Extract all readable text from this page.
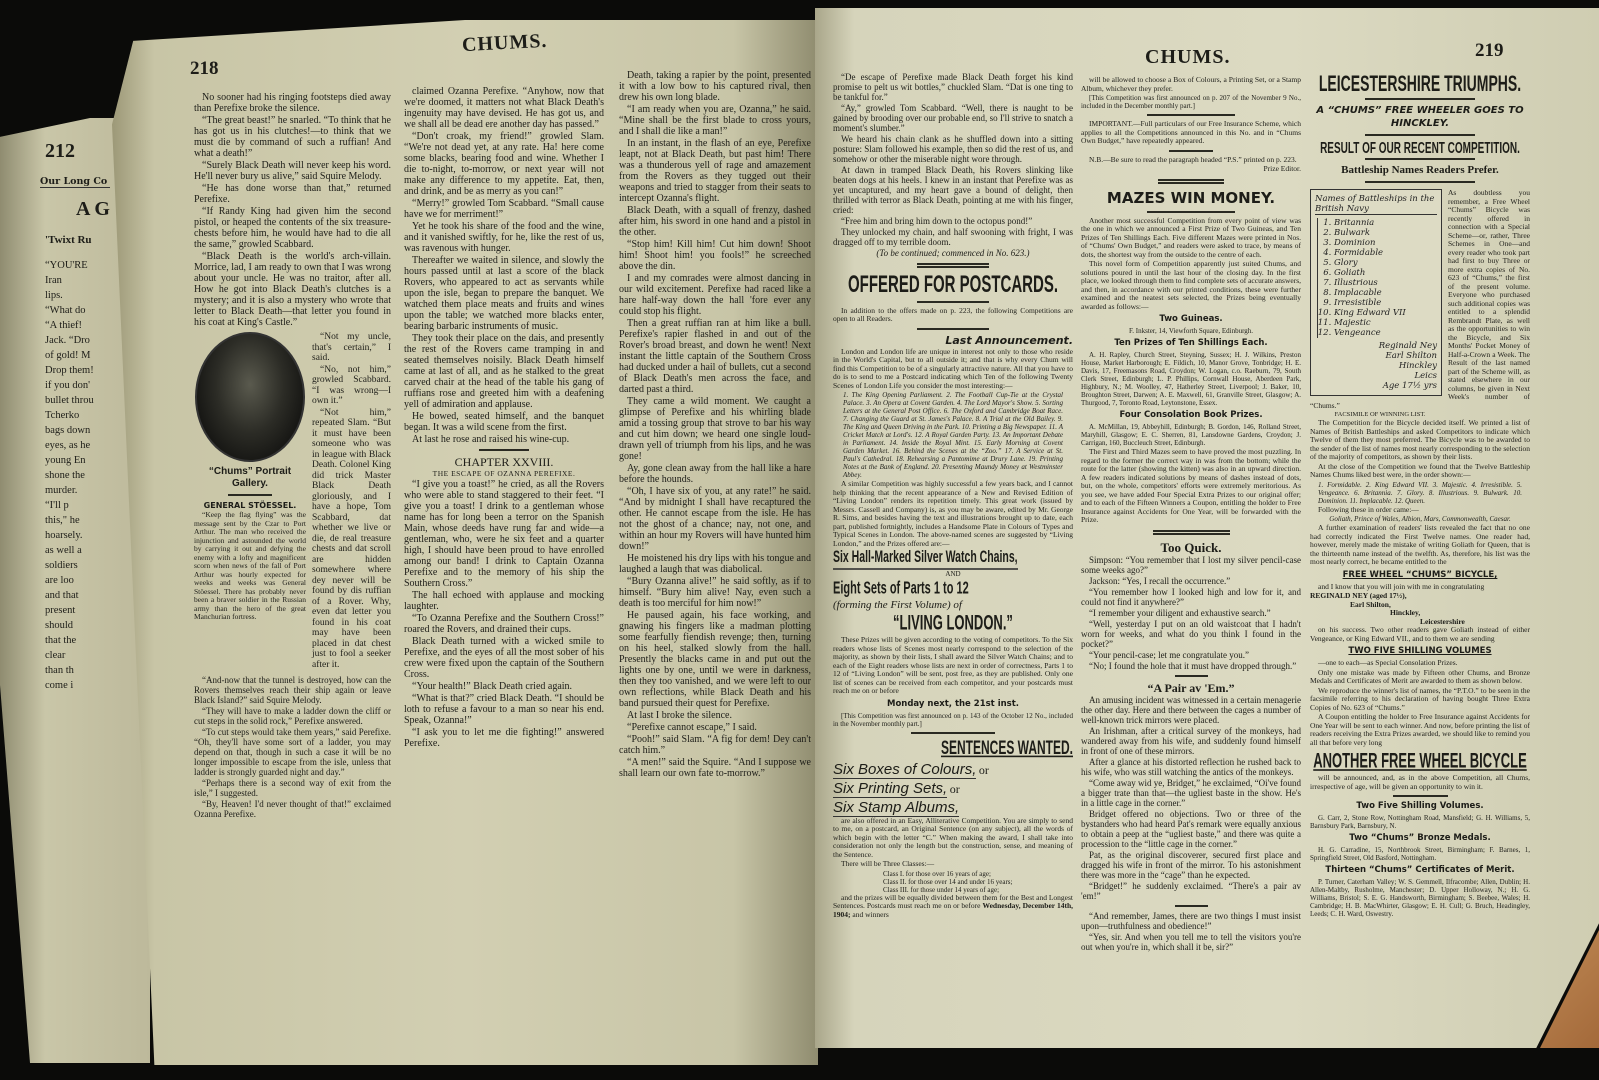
212
Our Long Co
A G
'Twixt Ru
“YOU'RE
Iran
lips.
“What do
“A thief!
Jack. “Dro
of gold! M
Drop them!
if you don'
bullet throu
Tcherko
bags down
eyes, as he
young En
shone the
murder.
“I'll p
this," he
hoarsely.
as well a
soldiers
are loo
and that
present
should
that the
clear
than th
come i
218
CHUMS.

No sooner had his ringing footsteps died away than Perefixe broke the silence.

“The great beast!” he snarled. “To think that he has got us in his clutches!—to think that we must die by command of such a ruffian! And what a death!”

“Surely Black Death will never keep his word. He'll never bury us alive,” said Squire Melody.

“He has done worse than that,” returned Perefixe.

“If Randy King had given him the second pistol, or heaped the contents of the six treasure-chests before him, he would have had to die all the same,” growled Scabbard.

“Black Death is the world's arch-villain. Morrice, lad, I am ready to own that I was wrong about your uncle. He was no traitor, after all. How he got into Black Death's clutches is a mystery; and it is also a mystery who wrote that letter to Black Death—that letter you found in his coat at King's Castle.”

“Chums” Portrait Gallery.
GENERAL STÖESSEL.

“Keep the flag flying” was the message sent by the Czar to Port Arthur. The man who received the injunction and astounded the world by carrying it out and defying the enemy with a lofty and magnificent scorn when news of the fall of Port Arthur was hourly expected for weeks and weeks was General Stöessel. There has probably never been a braver soldier in the Russian army than the hero of the great Manchurian fortress.

“Not my uncle, that's certain,” I said.

“No, not him,” growled Scabbard. “I was wrong—I own it.”

“Not him,” repeated Slam. “But it must have been someone who was in league with Black Death. Colonel King did trick Master Black Death gloriously, and I have a hope, Tom Scabbard, dat whether we live or die, de real treasure chests and dat scroll are hidden somewhere where dey never will be found by dis ruffian of a Rover. Why, even dat letter you found in his coat may have been placed in dat chest just to fool a seeker after it.

“And-now that the tunnel is destroyed, how can the Rovers themselves reach their ship again or leave Black Island?” said Squire Melody.

“They will have to make a ladder down the cliff or cut steps in the solid rock,” Perefixe answered.

“To cut steps would take them years,” said Perefixe. “Oh, they'll have some sort of a ladder, you may depend on that, though in such a case it will be no longer impossible to escape from the isle, unless that ladder is strongly guarded night and day.”

“Perhaps there is a second way of exit from the isle,” I suggested.

“By, Heaven! I'd never thought of that!” exclaimed Ozanna Perefixe.

claimed Ozanna Perefixe. “Anyhow, now that we're doomed, it matters not what Black Death's ingenuity may have devised. He has got us, and we shall all be dead ere another day has passed.”

“Don't croak, my friend!” growled Slam. “We're not dead yet, at any rate. Ha! here come some blacks, bearing food and wine. Whether I die to-night, to-morrow, or next year will not make any difference to my appetite. Eat, then, and drink, and be as merry as you can!”

“Merry!” growled Tom Scabbard. “Small cause have we for merriment!”

Yet he took his share of the food and the wine, and it vanished swiftly, for he, like the rest of us, was ravenous with hunger.

Thereafter we waited in silence, and slowly the hours passed until at last a score of the black Rovers, who appeared to act as servants while upon the isle, began to prepare the banquet. We watched them place meats and fruits and wines upon the table; we watched more blacks enter, bearing barbaric instruments of music.

They took their place on the dais, and presently the rest of the Rovers came tramping in and seated themselves noisily. Black Death himself came at last of all, and as he stalked to the great carved chair at the head of the table his gang of ruffians rose and greeted him with a deafening yell of admiration and applause.

He bowed, seated himself, and the banquet began. It was a wild scene from the first.

At last he rose and raised his wine-cup.

CHAPTER XXVIII.
THE ESCAPE OF OZANNA PEREFIXE.

“I give you a toast!” he cried, as all the Rovers who were able to stand staggered to their feet. “I give you a toast! I drink to a gentleman whose name has for long been a terror on the Spanish Main, whose deeds have rung far and wide—a gentleman, who, were he six feet and a quarter high, I should have been proud to have enrolled among our band! I drink to Captain Ozanna Perefixe and to the memory of his ship the Southern Cross.”

The hall echoed with applause and mocking laughter.

“To Ozanna Perefixe and the Southern Cross!” roared the Rovers, and drained their cups.

Black Death turned with a wicked smile to Perefixe, and the eyes of all the most sober of his crew were fixed upon the captain of the Southern Cross.

“Your health!” Black Death cried again.

“What is that?” cried Black Death. “I should be loth to refuse a favour to a man so near his end. Speak, Ozanna!”

“I ask you to let me die fighting!” answered Perefixe.

Death, taking a rapier by the point, presented it with a low bow to his captured rival, then drew his own long blade.

“I am ready when you are, Ozanna,” he said. “Mine shall be the first blade to cross yours, and I shall die like a man!”

In an instant, in the flash of an eye, Perefixe leapt, not at Black Death, but past him! There was a thunderous yell of rage and amazement from the Rovers as they tugged out their weapons and tried to stagger from their seats to intercept Ozanna's flight.

Black Death, with a squall of frenzy, dashed after him, his sword in one hand and a pistol in the other.

“Stop him! Kill him! Cut him down! Shoot him! Shoot him! you fools!” he screeched above the din.

I and my comrades were almost dancing in our wild excitement. Perefixe had raced like a hare half-way down the hall 'fore ever any could stop his flight.

Then a great ruffian ran at him like a bull. Perefixe's rapier flashed in and out of the Rover's broad breast, and down he went! Next instant the little captain of the Southern Cross had ducked under a hail of bullets, cut a second of Black Death's men across the face, and darted past a third.

They came a wild moment. We caught a glimpse of Perefixe and his whirling blade amid a tossing group that strove to bar his way and cut him down; we heard one single loud-drawn yell of triumph from his lips, and he was gone!

Ay, gone clean away from the hall like a hare before the hounds.

“Oh, I have six of you, at any rate!” he said. “And by midnight I shall have recaptured the other. He cannot escape from the isle. He has not the ghost of a chance; nay, not one, and within an hour my Rovers will have hunted him down!”

He moistened his dry lips with his tongue and laughed a laugh that was diabolical.

“Bury Ozanna alive!” he said softly, as if to himself. “Bury him alive! Nay, even such a death is too merciful for him now!”

He paused again, his face working, and gnawing his fingers like a madman plotting some fearfully fiendish revenge; then, turning on his heel, stalked slowly from the hall. Presently the blacks came in and put out the lights one by one, until we were in darkness, then they too vanished, and we were left to our own reflections, while Black Death and his band pursued their quest for Perefixe.

At last I broke the silence.

“Perefixe cannot escape,” I said.

“Pooh!” said Slam. “A fig for dem! Dey can't catch him.”

“A men!” said the Squire. “And I suppose we shall learn our own fate to-morrow.”

CHUMS.	219

“De escape of Perefixe made Black Death forget his kind promise to pelt us wit bottles,” chuckled Slam. “Dat is one ting to be tankful for.”

“Ay,” growled Tom Scabbard. “Well, there is naught to be gained by brooding over our probable end, so I'll strive to snatch a moment's slumber.”

We heard his chain clank as he shuffled down into a sitting posture: Slam followed his example, then so did the rest of us, and somehow or other the miserable night wore through.

At dawn in tramped Black Death, his Rovers slinking like beaten dogs at his heels. I knew in an instant that Perefixe was as yet uncaptured, and my heart gave a bound of delight, then thrilled with terror as Black Death, pointing at me with his finger, cried:

“Free him and bring him down to the octopus pond!”

They unlocked my chain, and half swooning with fright, I was dragged off to my terrible doom.

(To be continued; commenced in No. 623.)

OFFERED FOR POSTCARDS.

In addition to the offers made on p. 223, the following Competitions are open to all Readers.

Last Announcement.

London and London life are unique in interest not only to those who reside in the World's Capital, but to all outside it; and that is why every Chum will find this Competition to be of a singularly attractive nature. All that you have to do is to send to me a Postcard indicating which Ten of the following Twenty Scenes of London Life you consider the most interesting:—

1. The King Opening Parliament. 2. The Football Cup-Tie at the Crystal Palace. 3. An Opera at Covent Garden. 4. The Lord Mayor's Show. 5. Sorting Letters at the General Post Office. 6. The Oxford and Cambridge Boat Race. 7. Changing the Guard at St. James's Palace. 8. A Trial at the Old Bailey. 9. The King and Queen Driving in the Park. 10. Printing a Big Newspaper. 11. A Cricket Match at Lord's. 12. A Royal Garden Party. 13. An Important Debate in Parliament. 14. Inside the Royal Mint. 15. Early Morning at Covent Garden Market. 16. Behind the Scenes at the “Zoo.” 17. A Service at St. Paul's Cathedral. 18. Rehearsing a Pantomime at Drury Lane. 19. Printing Notes at the Bank of England. 20. Presenting Maundy Money at Westminster Abbey.

A similar Competition was highly successful a few years back, and I cannot help thinking that the recent appearance of a New and Revised Edition of “Living London” renders its repetition timely. This great work (issued by Messrs. Cassell and Company) is, as you may be aware, edited by Mr. George R. Sims, and besides having the text and illustrations brought up to date, each part, published fortnightly, includes a Handsome Plate in Colours of Types and Typical Scenes in London. The above-named scenes are suggested by “Living London,” and the Prizes offered are:—

Six Hall-Marked Silver Watch Chains,
AND
Eight Sets of Parts 1 to 12
(forming the First Volume) of
“LIVING LONDON.”

These Prizes will be given according to the voting of competitors. To the Six readers whose lists of Scenes most nearly correspond to the selection of the majority, as shown by their lists, I shall award the Silver Watch Chains; and to each of the Eight readers whose lists are next in order of correctness, Parts 1 to 12 of “Living London” will be sent, post free, as they are published. Only one list of scenes can be received from each competitor, and your postcards must reach me on or before

Monday next, the 21st inst.

[This Competition was first announced on p. 143 of the October 12 No., included in the November monthly part.]

SENTENCES WANTED.
Six Boxes of Colours, or
Six Printing Sets, or
Six Stamp Albums,

are also offered in an Easy, Alliterative Competition. You are simply to send to me, on a postcard, an Original Sentence (on any subject), all the words of which begin with the letter “C.” When making the award, I shall take into consideration not only the length but the construction, sense, and meaning of the Sentence.

There will be Three Classes:—

Class I. for those over 16 years of age;
Class II. for those over 14 and under 16 years;
Class III. for those under 14 years of age;

and the prizes will be equally divided between them for the Best and Longest Sentences. Postcards must reach me on or before Wednesday, December 14th, 1904; and winners

will be allowed to choose a Box of Colours, a Printing Set, or a Stamp Album, whichever they prefer.

[This Competition was first announced on p. 207 of the November 9 No., included in the December monthly part.]

IMPORTANT.—Full particulars of our Free Insurance Scheme, which applies to all the Competitions announced in this No. and in “Chums Own Budget,” have repeatedly appeared.

N.B.—Be sure to read the paragraph headed “P.S.” printed on p. 223.

Prize Editor.
MAZES WIN MONEY.

Another most successful Competition from every point of view was the one in which we announced a First Prize of Two Guineas, and Ten Prizes of Ten Shillings Each. Five different Mazes were printed in Nos. of “Chums' Own Budget,” and readers were asked to trace, by means of dots, the shortest way from the outside to the centre of each.

This novel form of Competition apparently just suited Chums, and solutions poured in until the last hour of the closing day. In the first place, we looked through them to find complete sets of accurate answers, and then, in accordance with our printed conditions, these were further examined and the neatest sets selected, the Prizes being eventually awarded as follows:—

Two Guineas.

F. Inkster, 14, Viewforth Square, Edinburgh.

Ten Prizes of Ten Shillings Each.

A. H. Rapley, Church Street, Steyning, Sussex; H. J. Wilkins, Preston House, Market Harborough; E. Fildich, 10, Manor Grove, Tonbridge; H. E. Davis, 17, Freemasons Road, Croydon; W. Logan, c.o. Raeburn, 79, South Clerk Street, Edinburgh; L. P. Phillips, Cornwall House, Aberdeen Park, Highbury, N.; M. Woolley, 47, Hatherley Street, Liverpool; J. Baker, 10, Broughton Street, Darwen; A. E. Maxwell, 61, Granville Street, Glasgow; A. Thurgood, 7, Toronto Road, Leytonstone, Essex.

Four Consolation Book Prizes.

A. McMillan, 19, Abbeyhill, Edinburgh; B. Gordon, 146, Rolland Street, Maryhill, Glasgow; E. C. Sherren, 81, Lansdowne Gardens, Croydon; J. Carrigan, 160, Buccleuch Street, Edinburgh.

The First and Third Mazes seem to have proved the most puzzling. In regard to the former the correct way in was from the bottom; while the route for the latter (showing the kitten) was also in an upward direction. A few readers indicated solutions by means of dashes instead of dots, but, on the whole, competitors' efforts were extremely meritorious. As you see, we have added Four Special Extra Prizes to our original offer; and to each of the Fifteen Winners a Coupon, entitling the holder to Free Insurance against Accidents for One Year, will be forwarded with the Prize.

Too Quick.

Simpson: “You remember that I lost my silver pencil-case some weeks ago?”

Jackson: “Yes, I recall the occurrence.”

“You remember how I looked high and low for it, and could not find it anywhere?”

“I remember your diligent and exhaustive search.”

“Well, yesterday I put on an old waistcoat that I hadn't worn for weeks, and what do you think I found in the pocket?”

“Your pencil-case; let me congratulate you.”

“No; I found the hole that it must have dropped through.”

“A Pair av 'Em.”

An amusing incident was witnessed in a certain menagerie the other day. Here and there between the cages a number of well-known trick mirrors were placed.

An Irishman, after a critical survey of the monkeys, had wandered away from his wife, and suddenly found himself in front of one of these mirrors.

After a glance at his distorted reflection he rushed back to his wife, who was still watching the antics of the monkeys.

“Come away wid ye, Bridget,” he exclaimed, “Oi've found a bigger trate than that—the ugliest baste in the show. He's in a little cage in the corner.”

Bridget offered no objections. Two or three of the bystanders who had heard Pat's remark were equally anxious to obtain a peep at the “ugliest baste,” and there was quite a procession to the “little cage in the corner.”

Pat, as the original discoverer, secured first place and dragged his wife in front of the mirror. To his astonishment there was more in the “cage” than he expected.

“Bridget!” he suddenly exclaimed. “There's a pair av 'em!”

“And remember, James, there are two things I must insist upon—truthfulness and obedience!”

“Yes, sir. And when you tell me to tell the visitors you're out when you're in, which shall it be, sir?”

LEICESTERSHIRE TRIUMPHS.
A “CHUMS” FREE WHEELER GOES TO HINCKLEY.
RESULT OF OUR RECENT COMPETITION.
Battleship Names Readers Prefer.
Names of Battleships in the British Navy
1. Britannia
2. Bulwark
3. Dominion
4. Formidable
5. Glory
6. Goliath
7. Illustrious
8. Implacable
9. Irresistible
10. King Edward VII
11. Majestic
12. Vengeance
Reginald Ney
Earl Shilton
Hinckley
Leics
Age 17½ yrs

As doubtless you remember, a Free Wheel “Chums” Bicycle was recently offered in connection with a Special Scheme—or, rather, Three Schemes in One—and every reader who took part had first to buy Three or more extra copies of No. 623 of “Chums,” the first of the present volume. Everyone who purchased such additional copies was entitled to a splendid Rembrandt Plate, as well as the opportunities to win the Bicycle, and Six Months' Pocket Money of Half-a-Crown a Week. The Result of the last named part of the Scheme will, as stated elsewhere in our columns, be given in Next Week's number of “Chums.”

FACSIMILE OF WINNING LIST.

The Competition for the Bicycle decided itself. We printed a list of Names of British Battleships and asked Competitors to indicate which Twelve of them they most preferred. The Bicycle was to be awarded to the sender of the list of names most nearly corresponding to the selection of the majority of competitors, as shown by their lists.

At the close of the Competition we found that the Twelve Battleship Names Chums liked best were, in the order shown:—

1. Formidable. 2. King Edward VII. 3. Majestic. 4. Irresistible. 5. Vengeance. 6. Britannia. 7. Glory. 8. Illustrious. 9. Bulwark. 10. Dominion. 11. Implacable. 12. Queen.

Following these in order came:—

Goliath, Prince of Wales, Albion, Mars, Commonwealth, Caesar.

A further examination of readers' lists revealed the fact that no one had correctly indicated the First Twelve names. One reader had, however, merely made the mistake of writing Goliath for Queen, that is the thirteenth name instead of the twelfth. As, therefore, his list was the most nearly correct, he became entitled to the

FREE WHEEL “CHUMS” BICYCLE,

and I know that you will join with me in congratulating

REGINALD NEY (aged 17½),
Earl Shilton,
Hinckley,
Leicestershire

on his success. Two other readers gave Goliath instead of either Vengeance, or King Edward VII., and to them we are sending

TWO FIVE SHILLING VOLUMES

—one to each—as Special Consolation Prizes.

Only one mistake was made by Fifteen other Chums, and Bronze Medals and Certificates of Merit are awarded to them as shown below.

We reproduce the winner's list of names, the “P.T.O.” to be seen in the facsimile referring to his declaration of having bought Three Extra Copies of No. 623 of “Chums.”

A Coupon entitling the holder to Free Insurance against Accidents for One Year will be sent to each winner. And now, before printing the list of readers receiving the Extra Prizes awarded, we should like to remind you all that before very long

ANOTHER FREE WHEEL BICYCLE

will be announced, and, as in the above Competition, all Chums, irrespective of age, will be given an opportunity to win it.

Two Five Shilling Volumes.

G. Carr, 2, Stone Row, Nottingham Road, Mansfield; G. H. Williams, 5, Barnsbury Park, Barnsbury, N.

Two “Chums” Bronze Medals.

H. G. Carradine, 15, Northbrook Street, Birmingham; F. Barnes, 1, Springfield Street, Old Basford, Nottingham.

Thirteen “Chums” Certificates of Merit.

P. Turner, Caterham Valley; W. S. Gemmell, Ilfracombe; Allen, Dublin; H. Allen-Maltby, Rusholme, Manchester; D. Upper Holloway, N.; H. G. Williams, Bristol; S. E. G. Handsworth, Birmingham; S. Beebee, Wales; H. Cambridge; H. B. MacWhirter, Glasgow; E. H. Cull; G. Bruch, Headingley, Leeds; C. H. Ward, Oswestry.
